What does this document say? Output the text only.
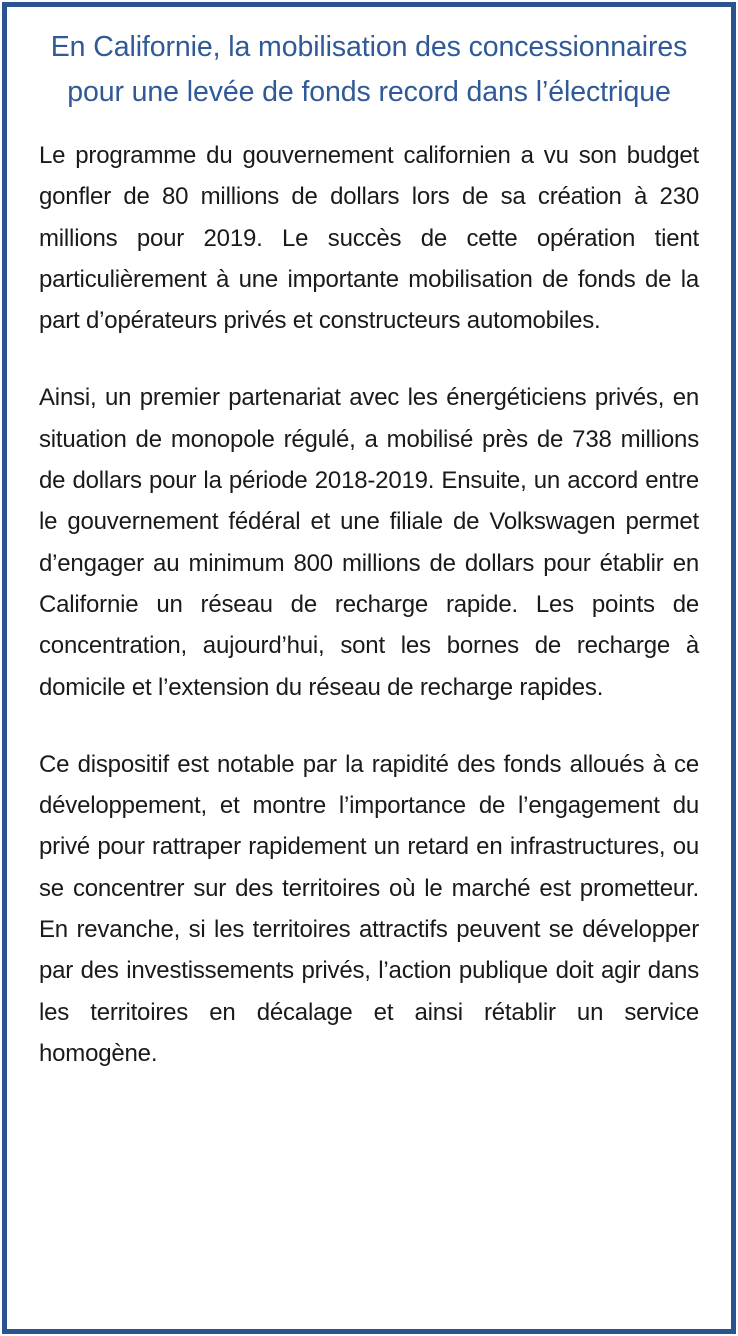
En Californie, la mobilisation des concessionnaires pour une levée de fonds record dans l’électrique

Le programme du gouvernement californien a vu son budget gonfler de 80 millions de dollars lors de sa création à 230 millions pour 2019. Le succès de cette opération tient particulièrement à une importante mobilisation de fonds de la part d’opérateurs privés et constructeurs automobiles.

Ainsi, un premier partenariat avec les énergéticiens privés, en situation de monopole régulé, a mobilisé près de 738 millions de dollars pour la période 2018-2019. Ensuite, un accord entre le gouvernement fédéral et une filiale de Volkswagen permet d’engager au minimum 800 millions de dollars pour établir en Californie un réseau de recharge rapide. Les points de concentration, aujourd’hui, sont les bornes de recharge à domicile et l’extension du réseau de recharge rapides.

Ce dispositif est notable par la rapidité des fonds alloués à ce développement, et montre l’importance de l’engagement du privé pour rattraper rapidement un retard en infrastructures, ou se concentrer sur des territoires où le marché est prometteur. En revanche, si les territoires attractifs peuvent se développer par des investissements privés, l’action publique doit agir dans les territoires en décalage et ainsi rétablir un service homogène.
